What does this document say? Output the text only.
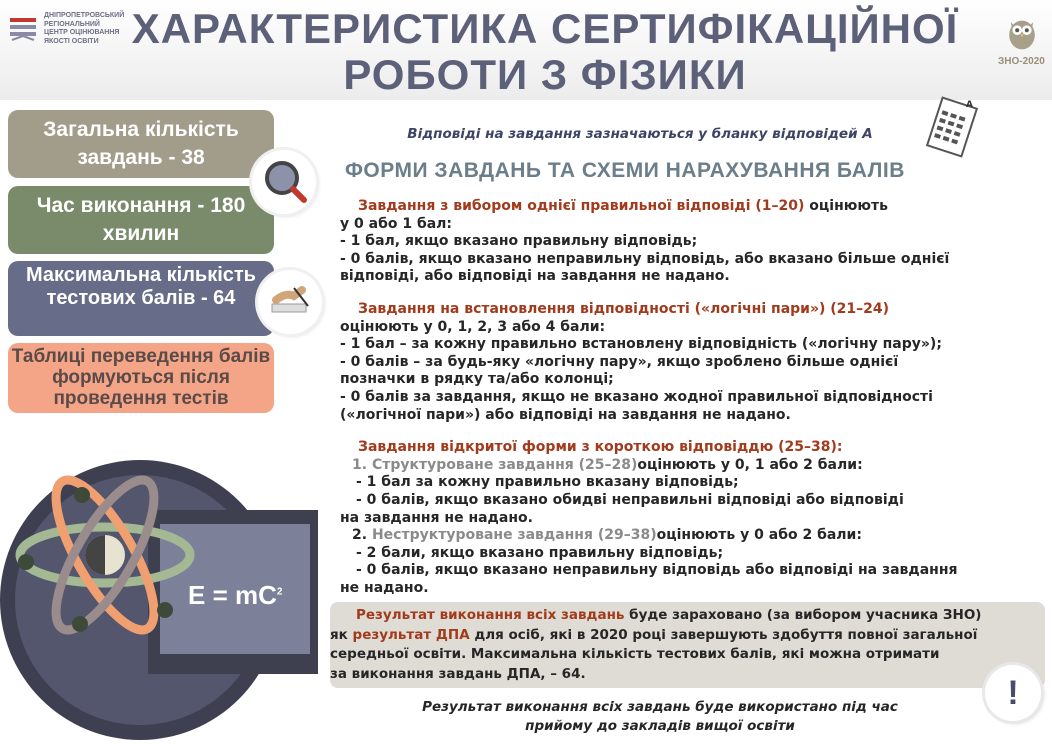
ДНІПРОПЕТРОВСЬКИЙ
РЕГІОНАЛЬНИЙ
ЦЕНТР ОЦІНЮВАННЯ
ЯКОСТІ ОСВІТИ ХАРАКТЕРИСТИКА СЕРТИФІКАЦІЙНОЇ
РОБОТИ З ФІЗИКИ	ЗНО-2020
Загальна кількість завдань - 38
Час виконання - 180 хвилин
Максимальна кількість тестових балів - 64
Таблиці переведення балів формуються після проведення тестів
Відповіді на завдання зазначаються у бланку відповідей А
А
ФОРМИ ЗАВДАНЬ ТА СХЕМИ НАРАХУВАННЯ БАЛІВ
Завдання з вибором однієї правильної відповіді (1–20) оцінюють
у 0 або 1 бал:
- 1 бал, якщо вказано правильну відповідь;
- 0 балів, якщо вказано неправильну відповідь, або вказано більше однієї
відповіді, або відповіді на завдання не надано.
Завдання на встановлення відповідності («логічні пари») (21–24)
оцінюють у 0, 1, 2, 3 або 4 бали:
- 1 бал – за кожну правильно встановлену відповідність («логічну пару»);
- 0 балів – за будь-яку «логічну пару», якщо зроблено більше однієї
позначки в рядку та/або колонці;
- 0 балів за завдання, якщо не вказано жодної правильної відповідності
(«логічної пари») або відповіді на завдання не надано.
Завдання відкритої форми з короткою відповіддю (25–38):
1. Структуроване завдання (25–28)оцінюють у 0, 1 або 2 бали:
- 1 бал за кожну правильно вказану відповідь;
- 0 балів, якщо вказано обидві неправильні відповіді або відповіді
на завдання не надано.
2. Неструктуроване завдання (29–38)оцінюють у 0 або 2 бали:
- 2 бали, якщо вказано правильну відповідь;
- 0 балів, якщо вказано неправильну відповідь або відповіді на завдання
не надано.
Результат виконання всіх завдань буде зараховано (за вибором учасника ЗНО)
як результат ДПА для осіб, які в 2020 році завершують здобуття повної загальної
середньої освіти. Максимальна кількість тестових балів, які можна отримати
за виконання завдань ДПА, – 64.
Результат виконання всіх завдань буде використано під час
прийому до закладів вищої освіти
!
$E = mC^2$
